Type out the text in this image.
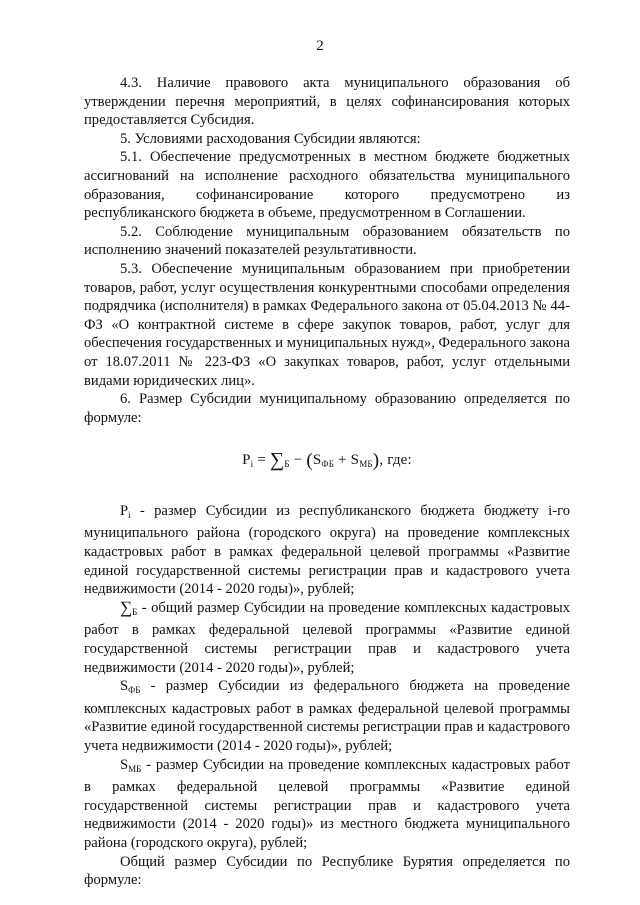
2

4.3. Наличие правового акта муниципального образования об утверждении перечня мероприятий, в целях софинансирования которых предоставляется Субсидия.

5. Условиями расходования Субсидии являются:

5.1. Обеспечение предусмотренных в местном бюджете бюджетных ассигнований на исполнение расходного обязательства муниципального образования, софинансирование которого предусмотрено из республиканского бюджета в объеме, предусмотренном в Соглашении.

5.2. Соблюдение муниципальным образованием обязательств по исполнению значений показателей результативности.

5.3. Обеспечение муниципальным образованием при приобретении товаров, работ, услуг осуществления конкурентными способами определения подрядчика (исполнителя) в рамках Федерального закона от 05.04.2013 № 44-ФЗ «О контрактной системе в сфере закупок товаров, работ, услуг для обеспечения государственных и муниципальных нужд», Федерального закона от 18.07.2011 № 223-ФЗ «О закупках товаров, работ, услуг отдельными видами юридических лиц».

6. Размер Субсидии муниципальному образованию определяется по формуле:

$P_i = \sum_Б - (S_{ФБ} + S_{МБ})$, где:

$P_i$ - размер Субсидии из республиканского бюджета бюджету i-го муниципального района (городского округа) на проведение комплексных кадастровых работ в рамках федеральной целевой программы «Развитие единой государственной системы регистрации прав и кадастрового учета недвижимости (2014 - 2020 годы)», рублей;

$\sum_Б$ - общий размер Субсидии на проведение комплексных кадастровых работ в рамках федеральной целевой программы «Развитие единой государственной системы регистрации прав и кадастрового учета недвижимости (2014 - 2020 годы)», рублей;

$S_{ФБ}$ - размер Субсидии из федерального бюджета на проведение комплексных кадастровых работ в рамках федеральной целевой программы «Развитие единой государственной системы регистрации прав и кадастрового учета недвижимости (2014 - 2020 годы)», рублей;

$S_{МБ}$ - размер Субсидии на проведение комплексных кадастровых работ в рамках федеральной целевой программы «Развитие единой государственной системы регистрации прав и кадастрового учета недвижимости (2014 - 2020 годы)» из местного бюджета муниципального района (городского округа), рублей;

Общий размер Субсидии по Республике Бурятия определяется по формуле:
